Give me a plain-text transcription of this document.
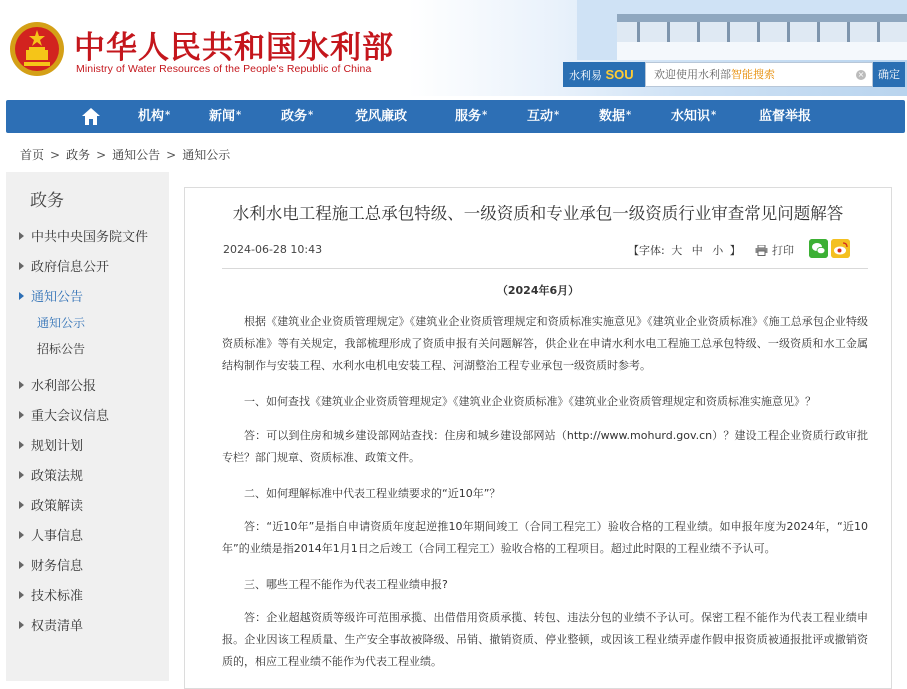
中华人民共和国水利部
Ministry of Water Resources of the People's Republic of China	水利易 SOU	欢迎使用水利部智能搜索	×	确定
机构*	新闻*	政务*	党风廉政	服务*	互动*	数据*	水知识*	监督举报
首页 > 政务 > 通知公告 > 通知公示
政务
中共中央国务院文件
政府信息公开
通知公告
通知公示
招标公告
水利部公报
重大会议信息
规划计划
政策法规
政策解读
人事信息
财务信息
技术标准
权责清单
水利水电工程施工总承包特级、一级资质和专业承包一级资质行业审查常见问题解答
2024-06-28 10:43	【字体: 大 中 小 】	打印
（2024年6月）
根据《建筑业企业资质管理规定》《建筑业企业资质管理规定和资质标准实施意见》《建筑业企业资质标准》《施工总承包企业特级资质标准》等有关规定，我部梳理形成了资质申报有关问题解答，供企业在申请水利水电工程施工总承包特级、一级资质和水工金属结构制作与安装工程、水利水电机电安装工程、河湖整治工程专业承包一级资质时参考。
一、如何查找《建筑业企业资质管理规定》《建筑业企业资质标准》《建筑业企业资质管理规定和资质标准实施意见》？
答：可以到住房和城乡建设部网站查找：住房和城乡建设部网站（http://www.mohurd.gov.cn）？建设工程企业资质行政审批专栏？部门规章、资质标准、政策文件。
二、如何理解标准中代表工程业绩要求的“近10年”？
答：“近10年”是指自申请资质年度起逆推10年期间竣工（合同工程完工）验收合格的工程业绩。如申报年度为2024年，“近10年”的业绩是指2014年1月1日之后竣工（合同工程完工）验收合格的工程项目。超过此时限的工程业绩不予认可。
三、哪些工程不能作为代表工程业绩申报?
答：企业超越资质等级许可范围承揽、出借借用资质承揽、转包、违法分包的业绩不予认可。保密工程不能作为代表工程业绩申报。企业因该工程质量、生产安全事故被降级、吊销、撤销资质、停业整顿，或因该工程业绩弄虚作假申报资质被通报批评或撤销资质的，相应工程业绩不能作为代表工程业绩。
